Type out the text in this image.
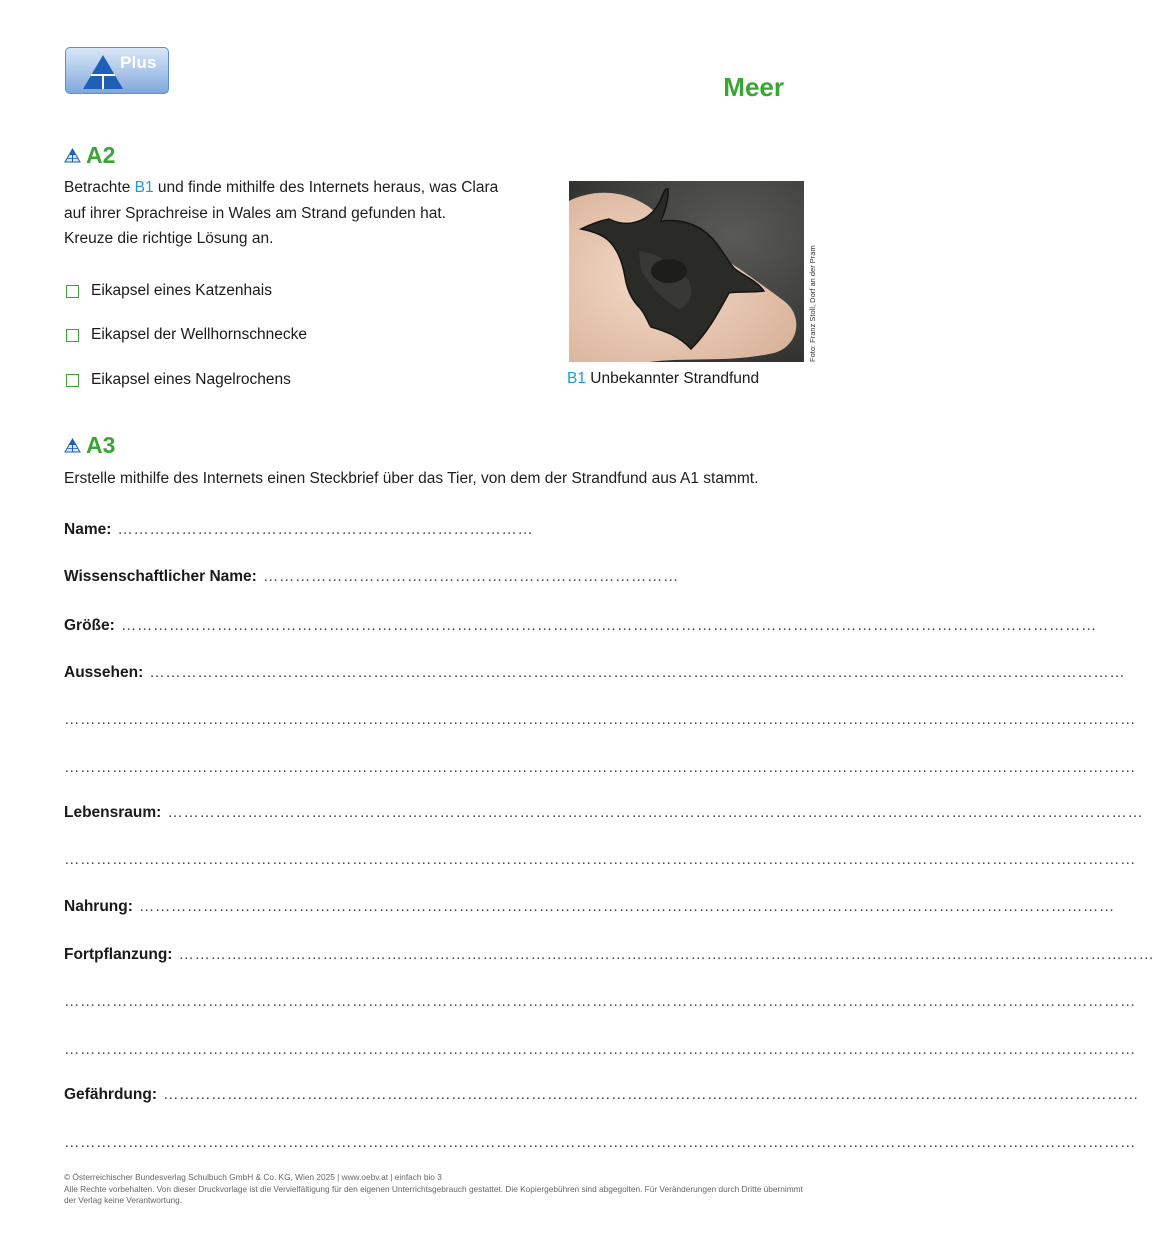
Plus
Meer
A2
Betrachte B1 und finde mithilfe des Internets heraus, was Clara
auf ihrer Sprachreise in Wales am Strand gefunden hat.
Kreuze die richtige Lösung an.
Eikapsel eines Katzenhais
Eikapsel der Wellhornschnecke
Eikapsel eines Nagelrochens
Foto: Franz Stoll, Dorf an der Pram
B1 Unbekannter Strandfund
A3
Erstelle mithilfe des Internets einen Steckbrief über das Tier, von dem der Strandfund aus A1 stammt.
Name: ……………………………………………………………………
Wissenschaftlicher Name: ……………………………………………………………………
Größe: …………………………………………………………………………………………………………………………………………………………………
Aussehen: …………………………………………………………………………………………………………………………………………………………………
…………………………………………………………………………………………………………………………………………………………………………………
…………………………………………………………………………………………………………………………………………………………………………………
Lebensraum: …………………………………………………………………………………………………………………………………………………………………
…………………………………………………………………………………………………………………………………………………………………………………
Nahrung: …………………………………………………………………………………………………………………………………………………………………
Fortpflanzung: …………………………………………………………………………………………………………………………………………………………………
…………………………………………………………………………………………………………………………………………………………………………………
…………………………………………………………………………………………………………………………………………………………………………………
Gefährdung: …………………………………………………………………………………………………………………………………………………………………
…………………………………………………………………………………………………………………………………………………………………………………
© Österreichischer Bundesverlag Schulbuch GmbH & Co. KG, Wien 2025 | www.oebv.at | einfach bio 3
Alle Rechte vorbehalten. Von dieser Druckvorlage ist die Vervielfältigung für den eigenen Unterrichtsgebrauch gestattet. Die Kopiergebühren sind abgegolten. Für Veränderungen durch Dritte übernimmt der Verlag keine Verantwortung.
